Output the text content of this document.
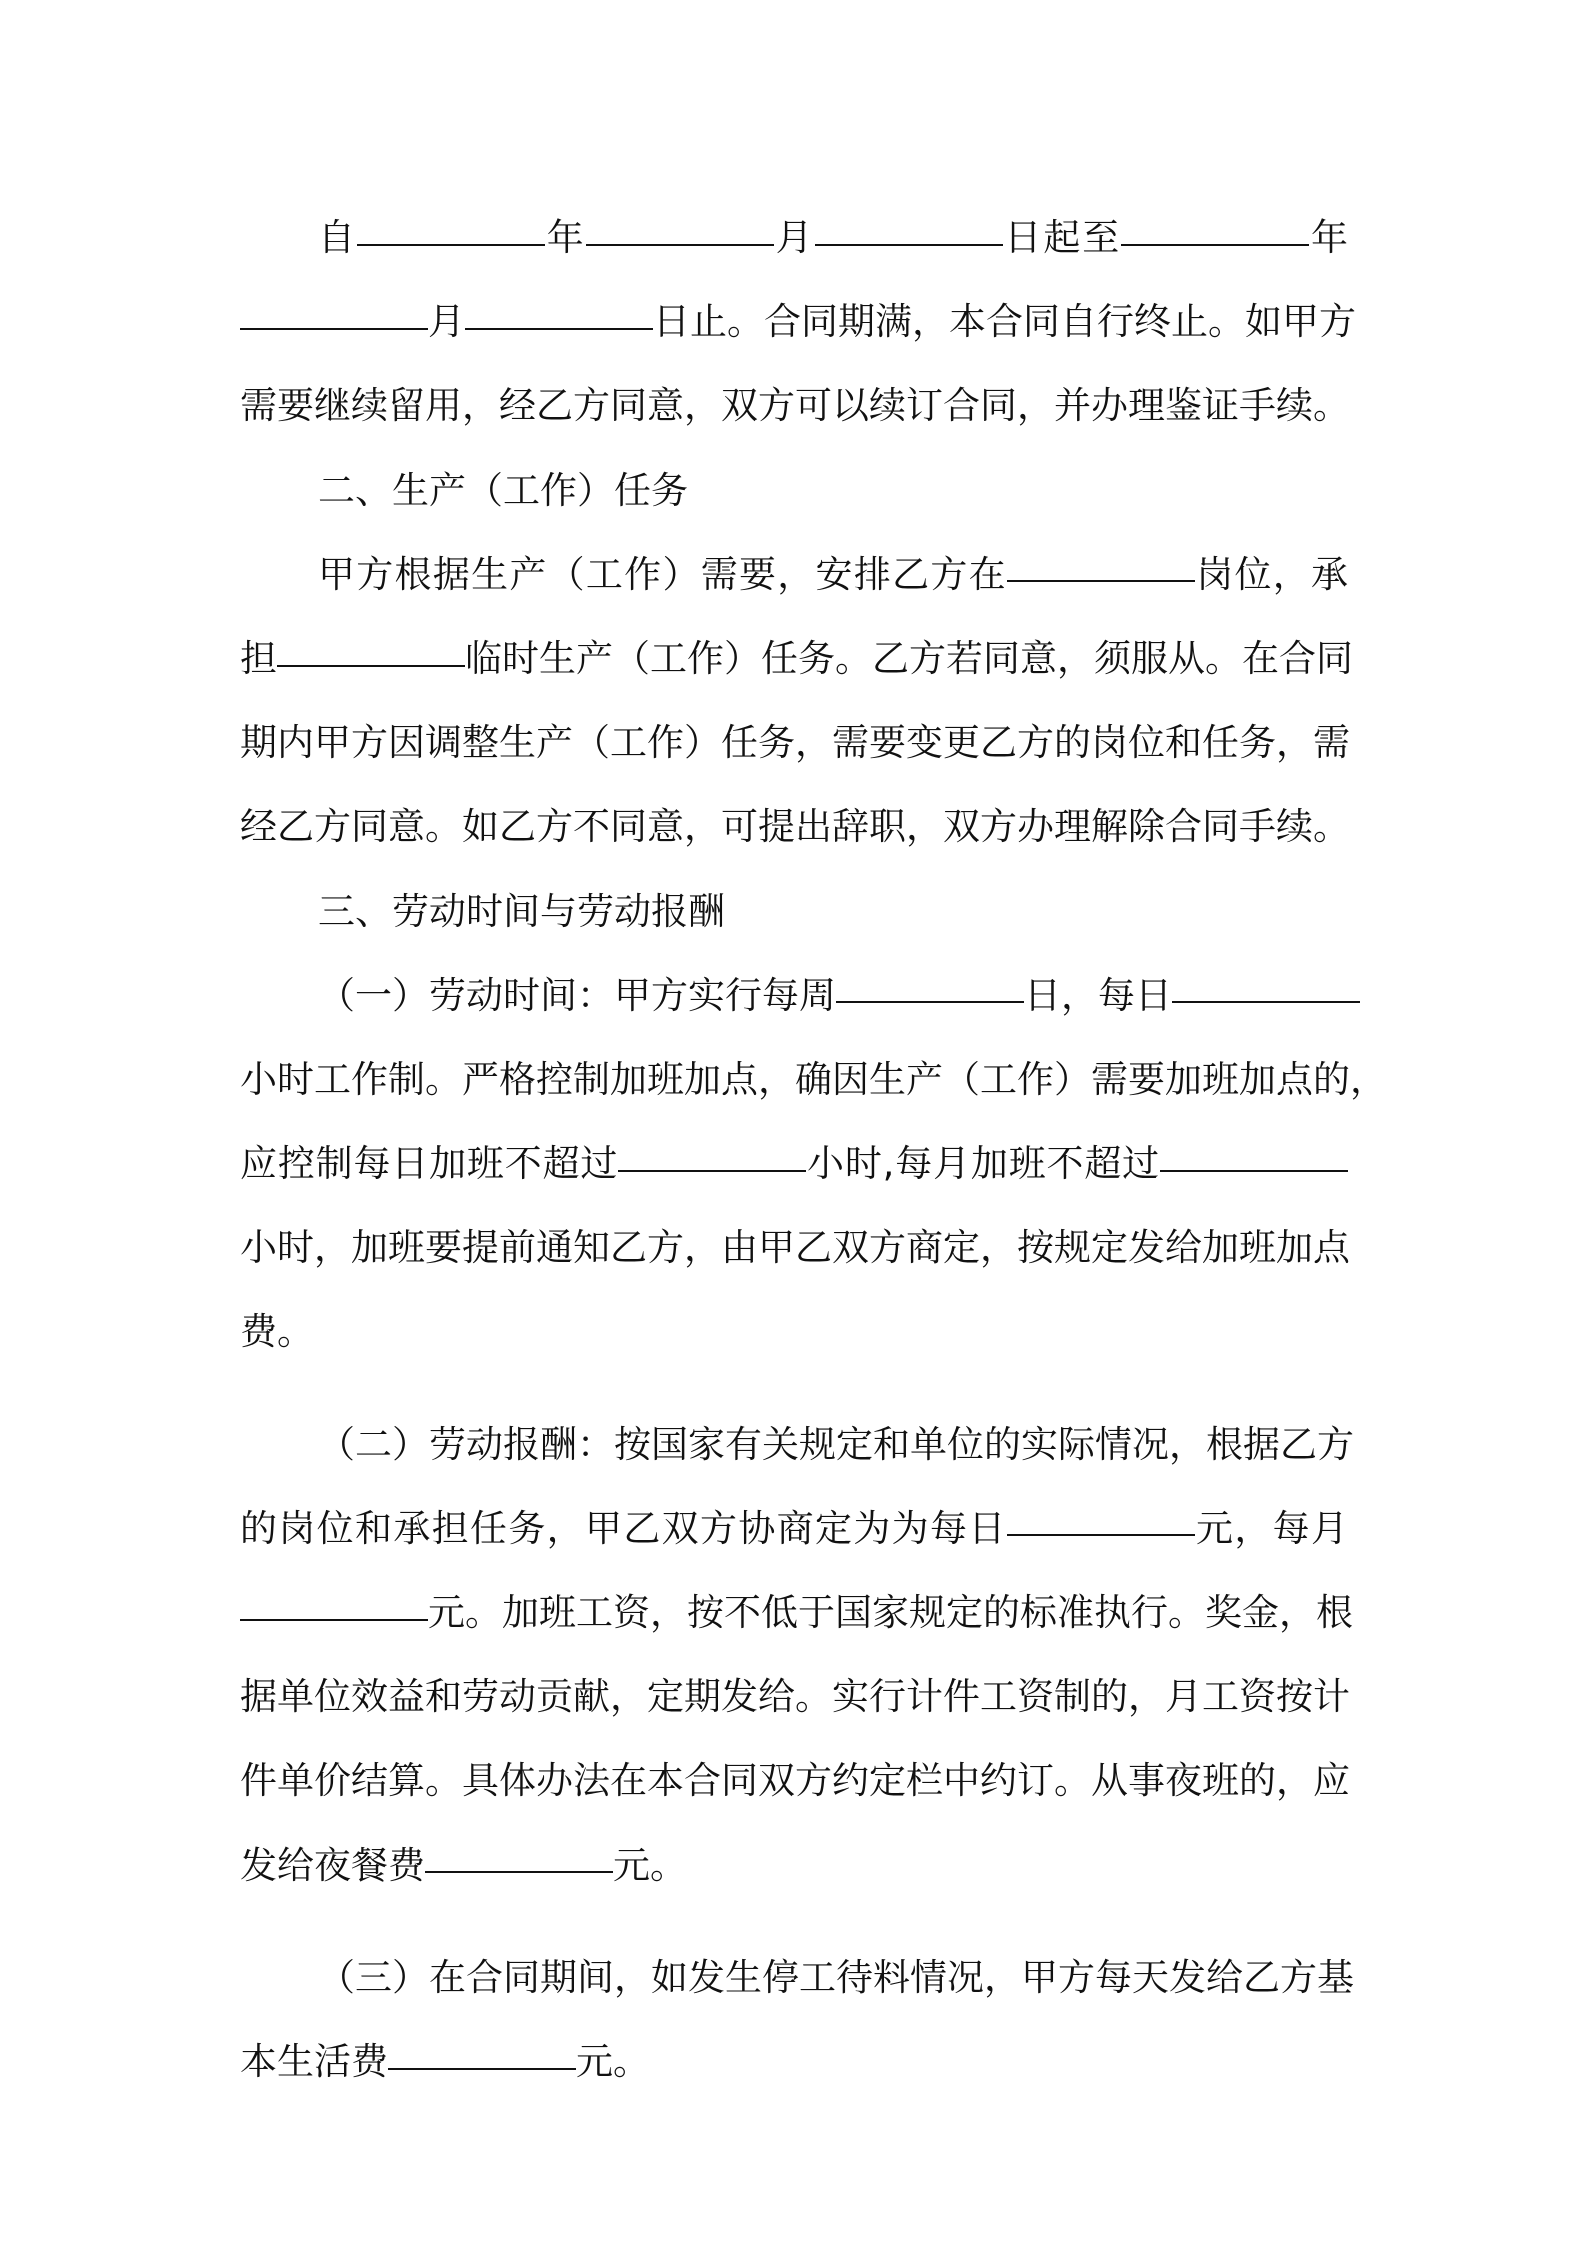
自	年	月	日起至	年
月	日止。合同期满，本合同自行终止。如甲方
需要继续留用，经乙方同意，双方可以续订合同，并办理鉴证手续。
二、生产（工作）任务
甲方根据生产（工作）需要，安排乙方在	岗位，承
担	临时生产（工作）任务。乙方若同意，须服从。在合同
期内甲方因调整生产（工作）任务，需要变更乙方的岗位和任务，需
经乙方同意。如乙方不同意，可提出辞职，双方办理解除合同手续。
三、劳动时间与劳动报酬
（一）劳动时间：甲方实行每周	日，每日
小时工作制。严格控制加班加点，确因生产（工作）需要加班加点的，
应控制每日加班不超过	小时,每月加班不超过
小时，加班要提前通知乙方，由甲乙双方商定，按规定发给加班加点
费。
（二）劳动报酬：按国家有关规定和单位的实际情况，根据乙方
的岗位和承担任务，甲乙双方协商定为为每日	元，每月
元。加班工资，按不低于国家规定的标准执行。奖金，根
据单位效益和劳动贡献，定期发给。实行计件工资制的，月工资按计
件单价结算。具体办法在本合同双方约定栏中约订。从事夜班的，应
发给夜餐费	元。
（三）在合同期间，如发生停工待料情况，甲方每天发给乙方基
本生活费	元。
